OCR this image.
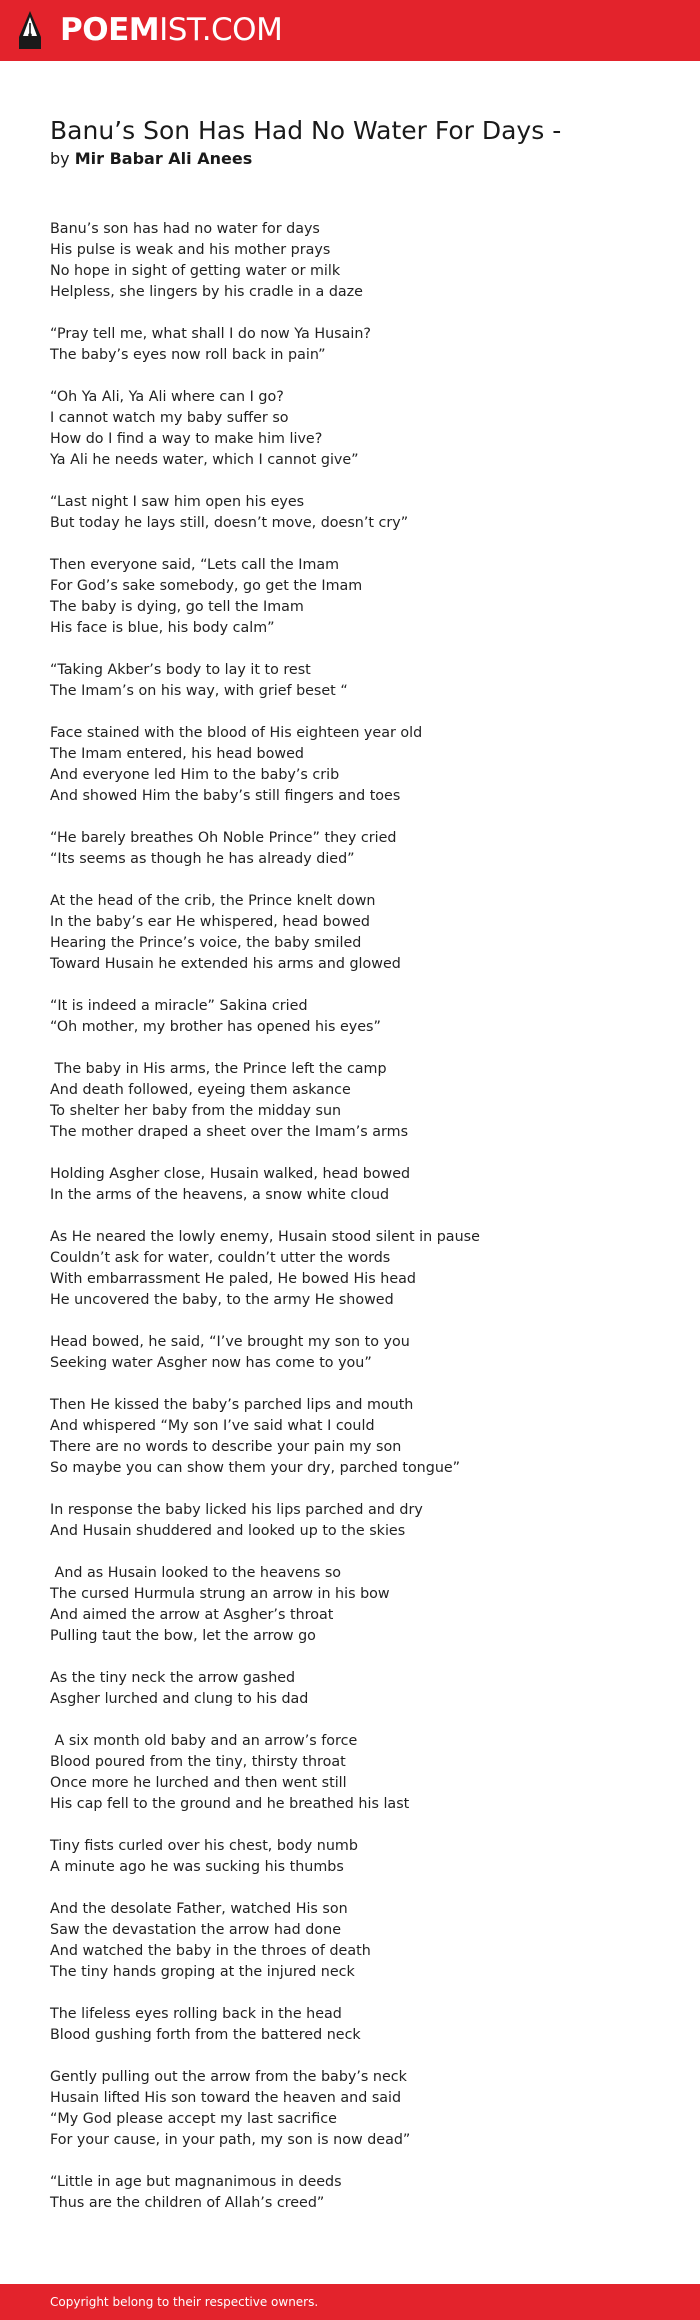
POEMIST.COM
Banu’s Son Has Had No Water For Days -
by Mir Babar Ali Anees
Banu’s son has had no water for days
His pulse is weak and his mother prays
No hope in sight of getting water or milk
Helpless, she lingers by his cradle in a daze
“Pray tell me, what shall I do now Ya Husain?
The baby’s eyes now roll back in pain”
“Oh Ya Ali, Ya Ali where can I go?
I cannot watch my baby suffer so
How do I find a way to make him live?
Ya Ali he needs water, which I cannot give”
“Last night I saw him open his eyes
But today he lays still, doesn’t move, doesn’t cry”
Then everyone said, “Lets call the Imam
For God’s sake somebody, go get the Imam
The baby is dying, go tell the Imam
His face is blue, his body calm”
“Taking Akber’s body to lay it to rest
The Imam’s on his way, with grief beset “
Face stained with the blood of His eighteen year old
The Imam entered, his head bowed
And everyone led Him to the baby’s crib
And showed Him the baby’s still fingers and toes
“He barely breathes Oh Noble Prince” they cried
“Its seems as though he has already died”
At the head of the crib, the Prince knelt down
In the baby’s ear He whispered, head bowed
Hearing the Prince’s voice, the baby smiled
Toward Husain he extended his arms and glowed
“It is indeed a miracle” Sakina cried
“Oh mother, my brother has opened his eyes”
The baby in His arms, the Prince left the camp
And death followed, eyeing them askance
To shelter her baby from the midday sun
The mother draped a sheet over the Imam’s arms
Holding Asgher close, Husain walked, head bowed
In the arms of the heavens, a snow white cloud
As He neared the lowly enemy, Husain stood silent in pause
Couldn’t ask for water, couldn’t utter the words
With embarrassment He paled, He bowed His head
He uncovered the baby, to the army He showed
Head bowed, he said, “I’ve brought my son to you
Seeking water Asgher now has come to you”
Then He kissed the baby’s parched lips and mouth
And whispered “My son I’ve said what I could
There are no words to describe your pain my son
So maybe you can show them your dry, parched tongue”
In response the baby licked his lips parched and dry
And Husain shuddered and looked up to the skies
And as Husain looked to the heavens so
The cursed Hurmula strung an arrow in his bow
And aimed the arrow at Asgher’s throat
Pulling taut the bow, let the arrow go
As the tiny neck the arrow gashed
Asgher lurched and clung to his dad
A six month old baby and an arrow’s force
Blood poured from the tiny, thirsty throat
Once more he lurched and then went still
His cap fell to the ground and he breathed his last
Tiny fists curled over his chest, body numb
A minute ago he was sucking his thumbs
And the desolate Father, watched His son
Saw the devastation the arrow had done
And watched the baby in the throes of death
The tiny hands groping at the injured neck
The lifeless eyes rolling back in the head
Blood gushing forth from the battered neck
Gently pulling out the arrow from the baby’s neck
Husain lifted His son toward the heaven and said
“My God please accept my last sacrifice
For your cause, in your path, my son is now dead”
“Little in age but magnanimous in deeds
Thus are the children of Allah’s creed”
Copyright belong to their respective owners.
